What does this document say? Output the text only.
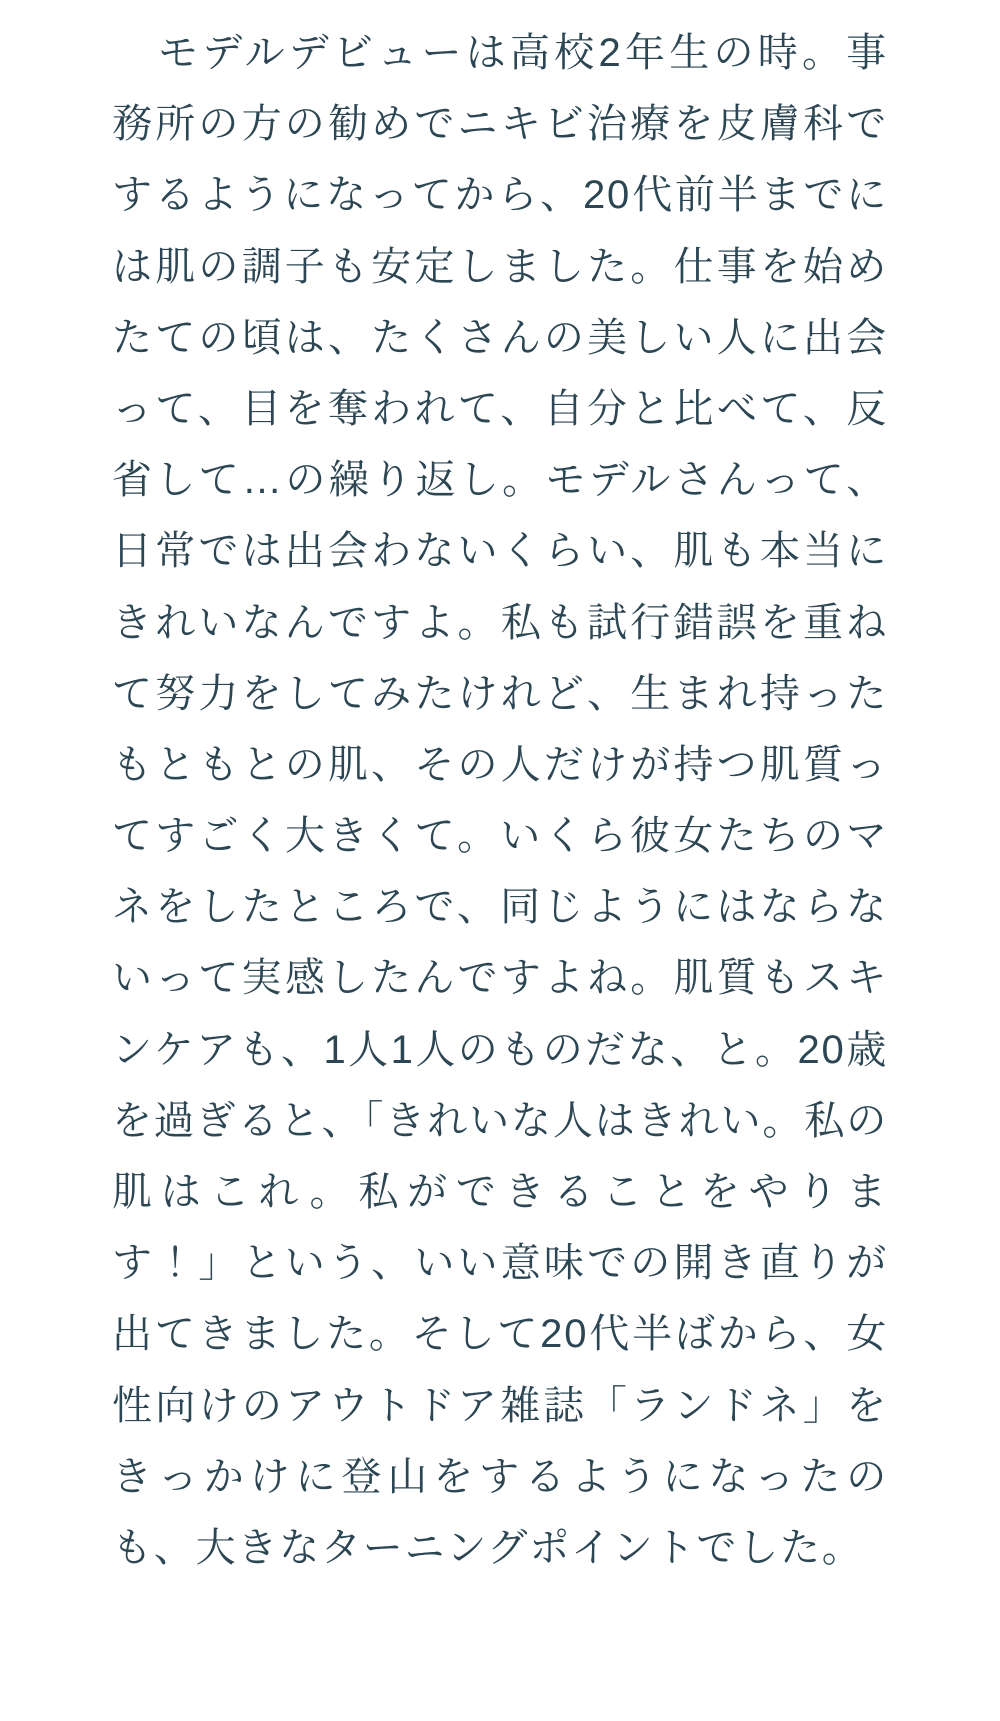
モデルデビューは高校2年生の時。事務所の方の勧めでニキビ治療を皮膚科でするようになってから、20代前半までには肌の調子も安定しました。仕事を始めたての頃は、たくさんの美しい人に出会って、目を奪われて、自分と比べて、反省して…の繰り返し。モデルさんって、日常では出会わないくらい、肌も本当にきれいなんですよ。私も試行錯誤を重ねて努力をしてみたけれど、生まれ持ったもともとの肌、その人だけが持つ肌質ってすごく大きくて。いくら彼女たちのマネをしたところで、同じようにはならないって実感したんですよね。肌質もスキンケアも、1人1人のものだな、と。20歳を過ぎると、「きれいな人はきれい。私の肌はこれ。私ができることをやります！」という、いい意味での開き直りが出てきました。そして20代半ばから、女性向けのアウトドア雑誌「ランドネ」をきっかけに登山をするようになったのも、大きなターニングポイントでした。
